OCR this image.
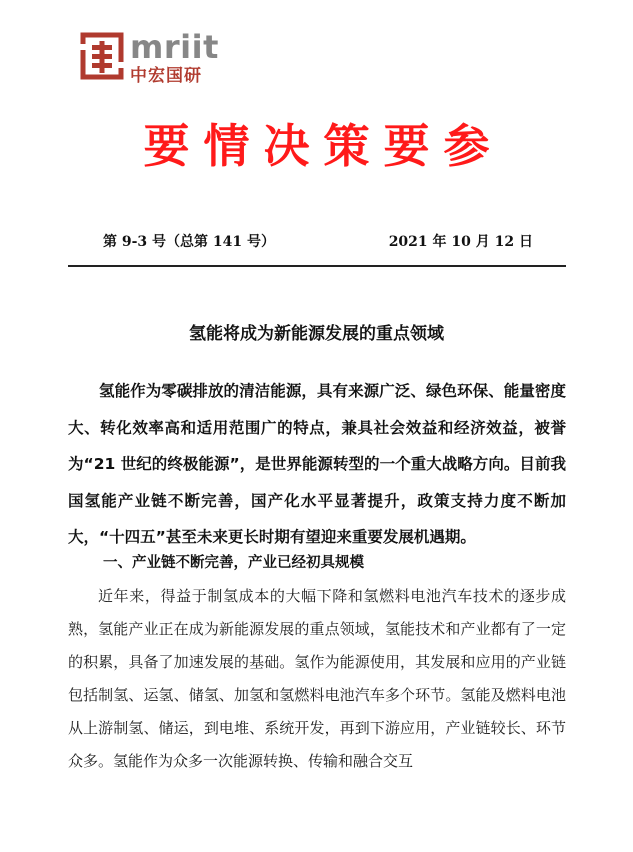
mriit
中宏国研
要情决策要参
第 9-3 号（总第 141 号）	2021 年 10 月 12 日
氢能将成为新能源发展的重点领域

氢能作为零碳排放的清洁能源，具有来源广泛、绿色环保、能量密度大、转化效率高和适用范围广的特点，兼具社会效益和经济效益，被誉为“21 世纪的终极能源”，是世界能源转型的一个重大战略方向。目前我国氢能产业链不断完善，国产化水平显著提升，政策支持力度不断加大，“十四五”甚至未来更长时期有望迎来重要发展机遇期。

一、产业链不断完善，产业已经初具规模

近年来，得益于制氢成本的大幅下降和氢燃料电池汽车技术的逐步成熟，氢能产业正在成为新能源发展的重点领域，氢能技术和产业都有了一定的积累，具备了加速发展的基础。氢作为能源使用，其发展和应用的产业链包括制氢、运氢、储氢、加氢和氢燃料电池汽车多个环节。氢能及燃料电池从上游制氢、储运，到电堆、系统开发，再到下游应用，产业链较长、环节众多。氢能作为众多一次能源转换、传输和融合交互
